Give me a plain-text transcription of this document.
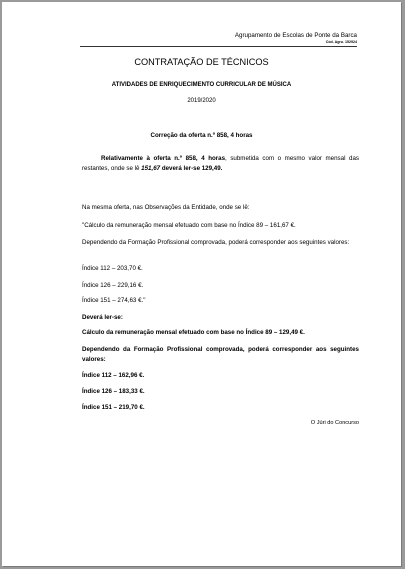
Agrupamento de Escolas de Ponte da Barca
Cód. Agru. 152924
CONTRATAÇÃO DE TÉCNICOS
ATIVIDADES DE ENRIQUECIMENTO CURRICULAR DE MÚSICA
2019/2020
Correção da oferta n.º 858, 4 horas
Relativamente à oferta n.º 858, 4 horas, submetida com o mesmo valor mensal das restantes, onde se lê 151,67 deverá ler-se 129,49.
Na mesma oferta, nas Observações da Entidade, onde se lê:
"Cálculo da remuneração mensal efetuado com base no Índice 89 – 161,67 €.
Dependendo da Formação Profissional comprovada, poderá corresponder aos seguintes valores:
Índice 112 – 203,70 €.
Índice 126 – 229,16 €.
Índice 151 – 274,63 €."
Deverá ler-se:
Cálculo da remuneração mensal efetuado com base no Índice 89 – 129,49 €.
Dependendo da Formação Profissional comprovada, poderá corresponder aos seguintes valores:
Índice 112 – 162,96 €.
Índice 126 – 183,33 €.
Índice 151 – 219,70 €.
O Júri do Concurso
